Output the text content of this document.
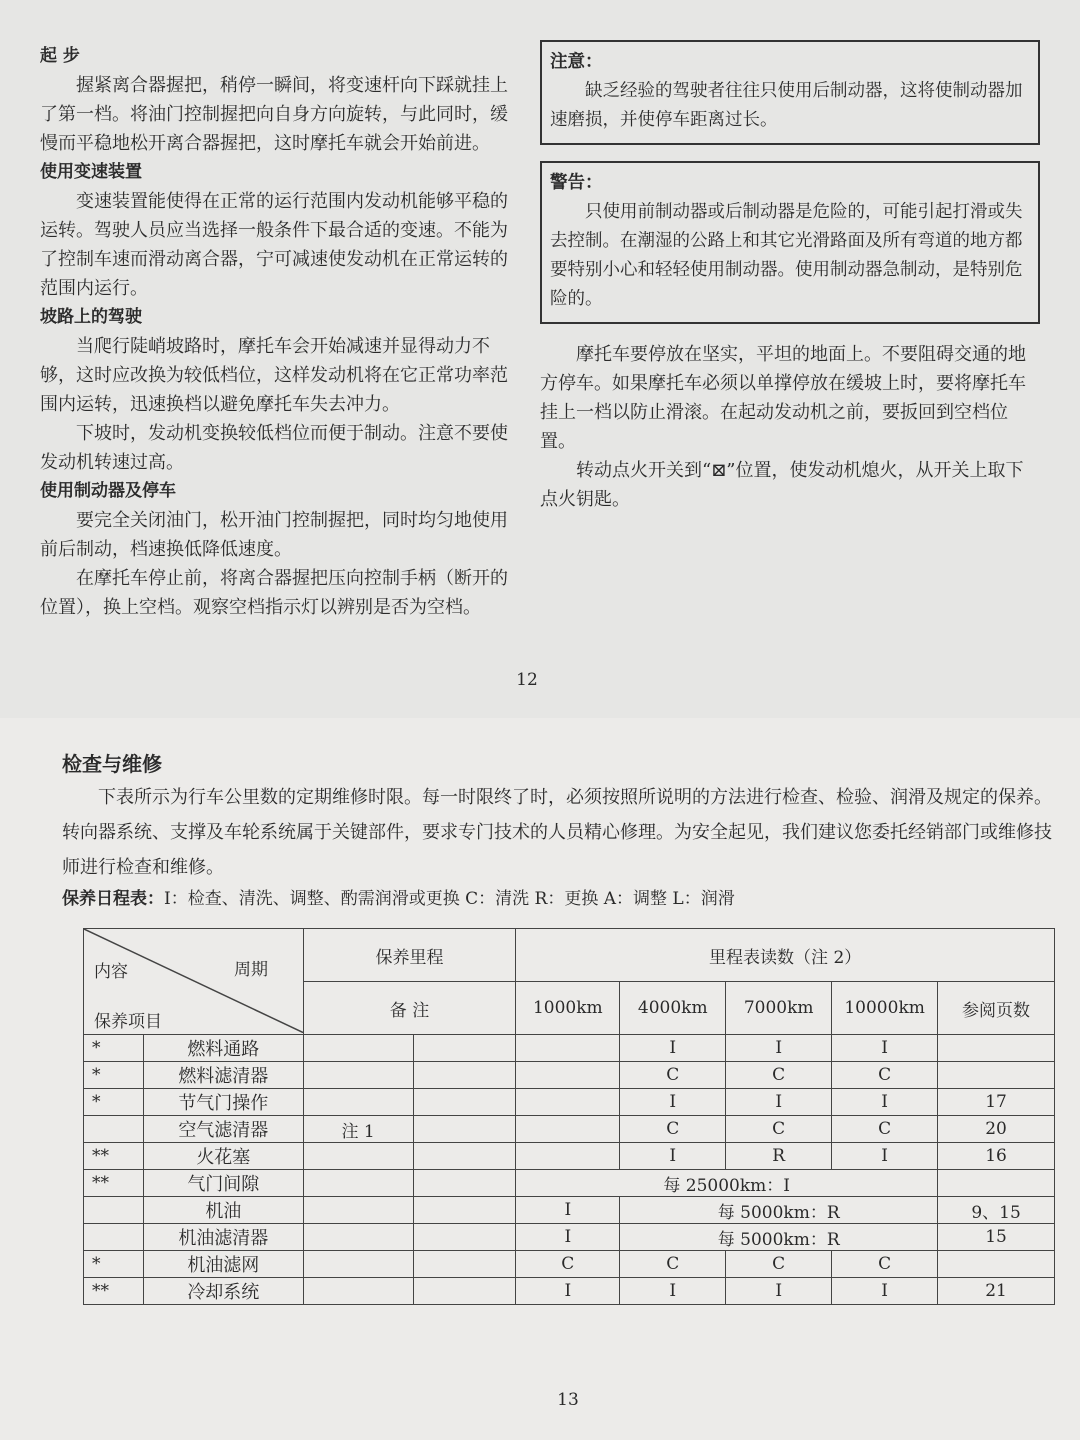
起 步

握紧离合器握把，稍停一瞬间，将变速杆向下踩就挂上了第一档。将油门控制握把向自身方向旋转，与此同时，缓慢而平稳地松开离合器握把，这时摩托车就会开始前进。

使用变速装置

变速装置能使得在正常的运行范围内发动机能够平稳的运转。驾驶人员应当选择一般条件下最合适的变速。不能为了控制车速而滑动离合器，宁可减速使发动机在正常运转的范围内运行。

坡路上的驾驶

当爬行陡峭坡路时，摩托车会开始减速并显得动力不够，这时应改换为较低档位，这样发动机将在它正常功率范围内运转，迅速换档以避免摩托车失去冲力。

下坡时，发动机变换较低档位而便于制动。注意不要使发动机转速过高。

使用制动器及停车

要完全关闭油门，松开油门控制握把，同时均匀地使用前后制动，档速换低降低速度。

在摩托车停止前，将离合器握把压向控制手柄（断开的位置），换上空档。观察空档指示灯以辨别是否为空档。

注意：

缺乏经验的驾驶者往往只使用后制动器，这将使制动器加速磨损，并使停车距离过长。

警告：

只使用前制动器或后制动器是危险的，可能引起打滑或失去控制。在潮湿的公路上和其它光滑路面及所有弯道的地方都要特别小心和轻轻使用制动器。使用制动器急制动，是特别危险的。

摩托车要停放在坚实，平坦的地面上。不要阻碍交通的地方停车。如果摩托车必须以单撑停放在缓坡上时，要将摩托车挂上一档以防止滑滚。在起动发动机之前，要扳回到空档位置。

转动点火开关到“⊠”位置，使发动机熄火，从开关上取下点火钥匙。

12
检查与维修

下表所示为行车公里数的定期维修时限。每一时限终了时，必须按照所说明的方法进行检查、检验、润滑及规定的保养。转向器系统、支撑及车轮系统属于关键部件，要求专门技术的人员精心修理。为安全起见，我们建议您委托经销部门或维修技师进行检查和维修。

保养日程表：I：检查、清洗、调整、酌需润滑或更换 C：清洗 R：更换 A：调整 L：润滑
内容 周期
保养项目		保养里程		里程表读数（注 2）				
		备 注		1000km	4000km	7000km	10000km	参阅页数
*	燃料通路				I	I	I	
*	燃料滤清器				C	C	C	
*	节气门操作				I	I	I	17
	空气滤清器	注 1			C	C	C	20
**	火花塞				I	R	I	16
**	气门间隙			每 25000km：I				
	机油			I	每 5000km：R			9、15
	机油滤清器			I	每 5000km：R			15
*	机油滤网			C	C	C	C	
**	冷却系统			I	I	I	I	21
13
